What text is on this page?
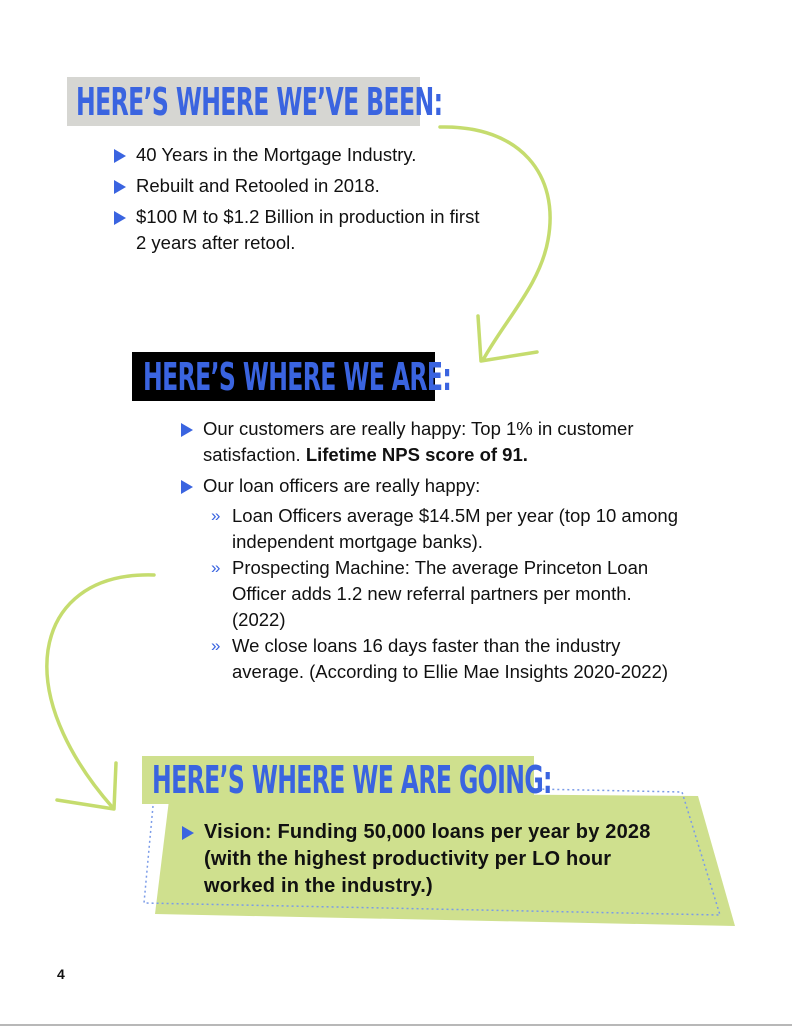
HERE’S WHERE WE’VE BEEN:
40 Years in the Mortgage Industry.
Rebuilt and Retooled in 2018.
$100 M to $1.2 Billion in production in first 2 years after retool.
HERE’S WHERE WE ARE:
Our customers are really happy: Top 1% in customer satisfaction. Lifetime NPS score of 91.
Our loan officers are really happy:
» Loan Officers average $14.5M per year (top 10 among independent mortgage banks).
» Prospecting Machine: The average Princeton Loan Officer adds 1.2 new referral partners per month. (2022)
» We close loans 16 days faster than the industry average. (According to Ellie Mae Insights 2020-2022)
HERE’S WHERE WE ARE GOING:
Vision: Funding 50,000 loans per year by 2028 (with the highest productivity per LO hour worked in the industry.)
4
